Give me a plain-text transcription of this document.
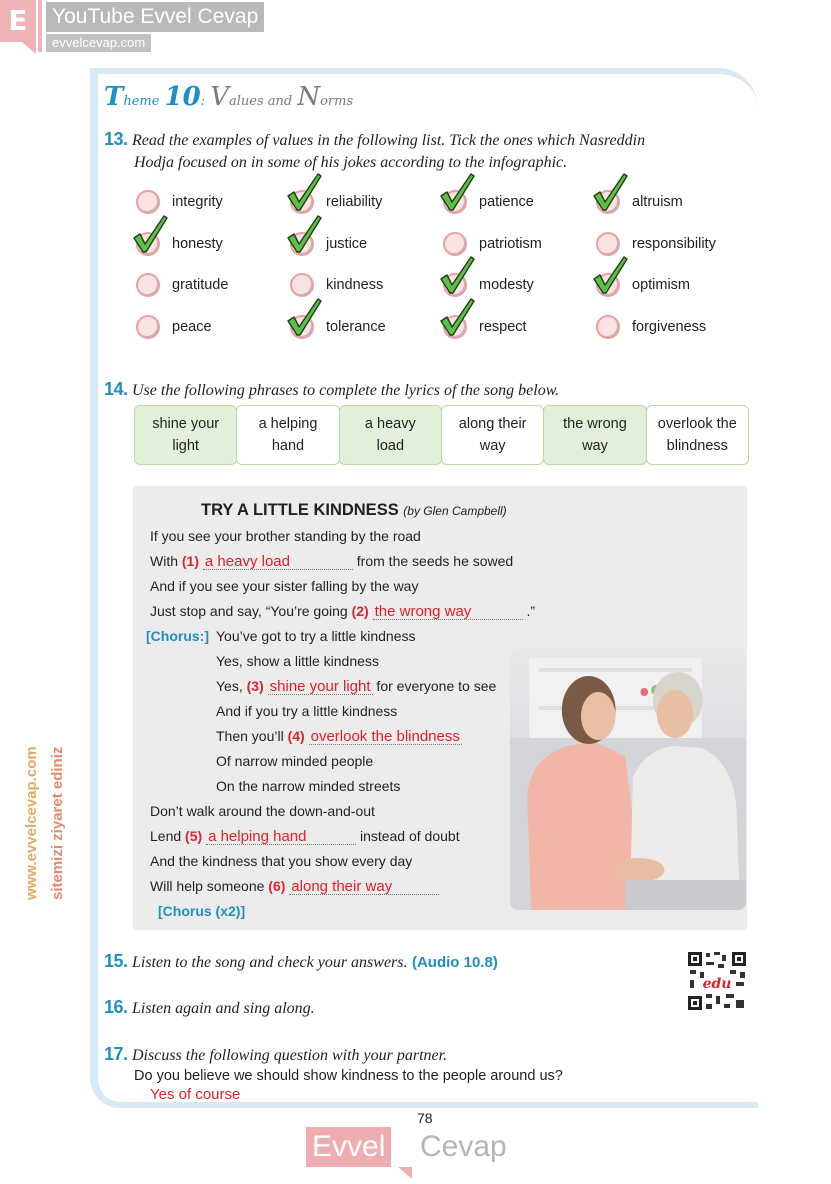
E	YouTube Evvel Cevap
evvelcevap.com
Theme 10: Values and Norms
13. Read the examples of values in the following list. Tick the ones which Nasreddin
Hodja focused on in some of his jokes according to the infographic.
integrity	reliability	patience	altruism
honesty	justice	patriotism	responsibility
gratitude	kindness	modesty	optimism
peace	tolerance	respect	forgiveness
14. Use the following phrases to complete the lyrics of the song below.
shine your
light
a helping
hand
a heavy
load
along their
way
the wrong
way
overlook the
blindness
TRY A LITTLE KINDNESS (by Glen Campbell)
If you see your brother standing by the road
With (1) a heavy load	from the seeds he sowed
And if you see your sister falling by the way
Just stop and say, “You’re going (2) the wrong way	.”
[Chorus:] You’ve got to try a little kindness
Yes, show a little kindness
Yes, (3) shine your light for everyone to see
And if you try a little kindness
Then you’ll (4) overlook the blindness
Of narrow minded people
On the narrow minded streets
Don’t walk around the down-and-out
Lend (5) a helping hand	instead of doubt
And the kindness that you show every day
Will help someone (6) along their way
[Chorus (x2)]
15. Listen to the song and check your answers. (Audio 10.8)
edu
16. Listen again and sing along.
17. Discuss the following question with your partner.
Do you believe we should show kindness to the people around us?
Yes of course
78
Evvel Cevap
www.evvelcevap.com sitemizi ziyaret ediniz
